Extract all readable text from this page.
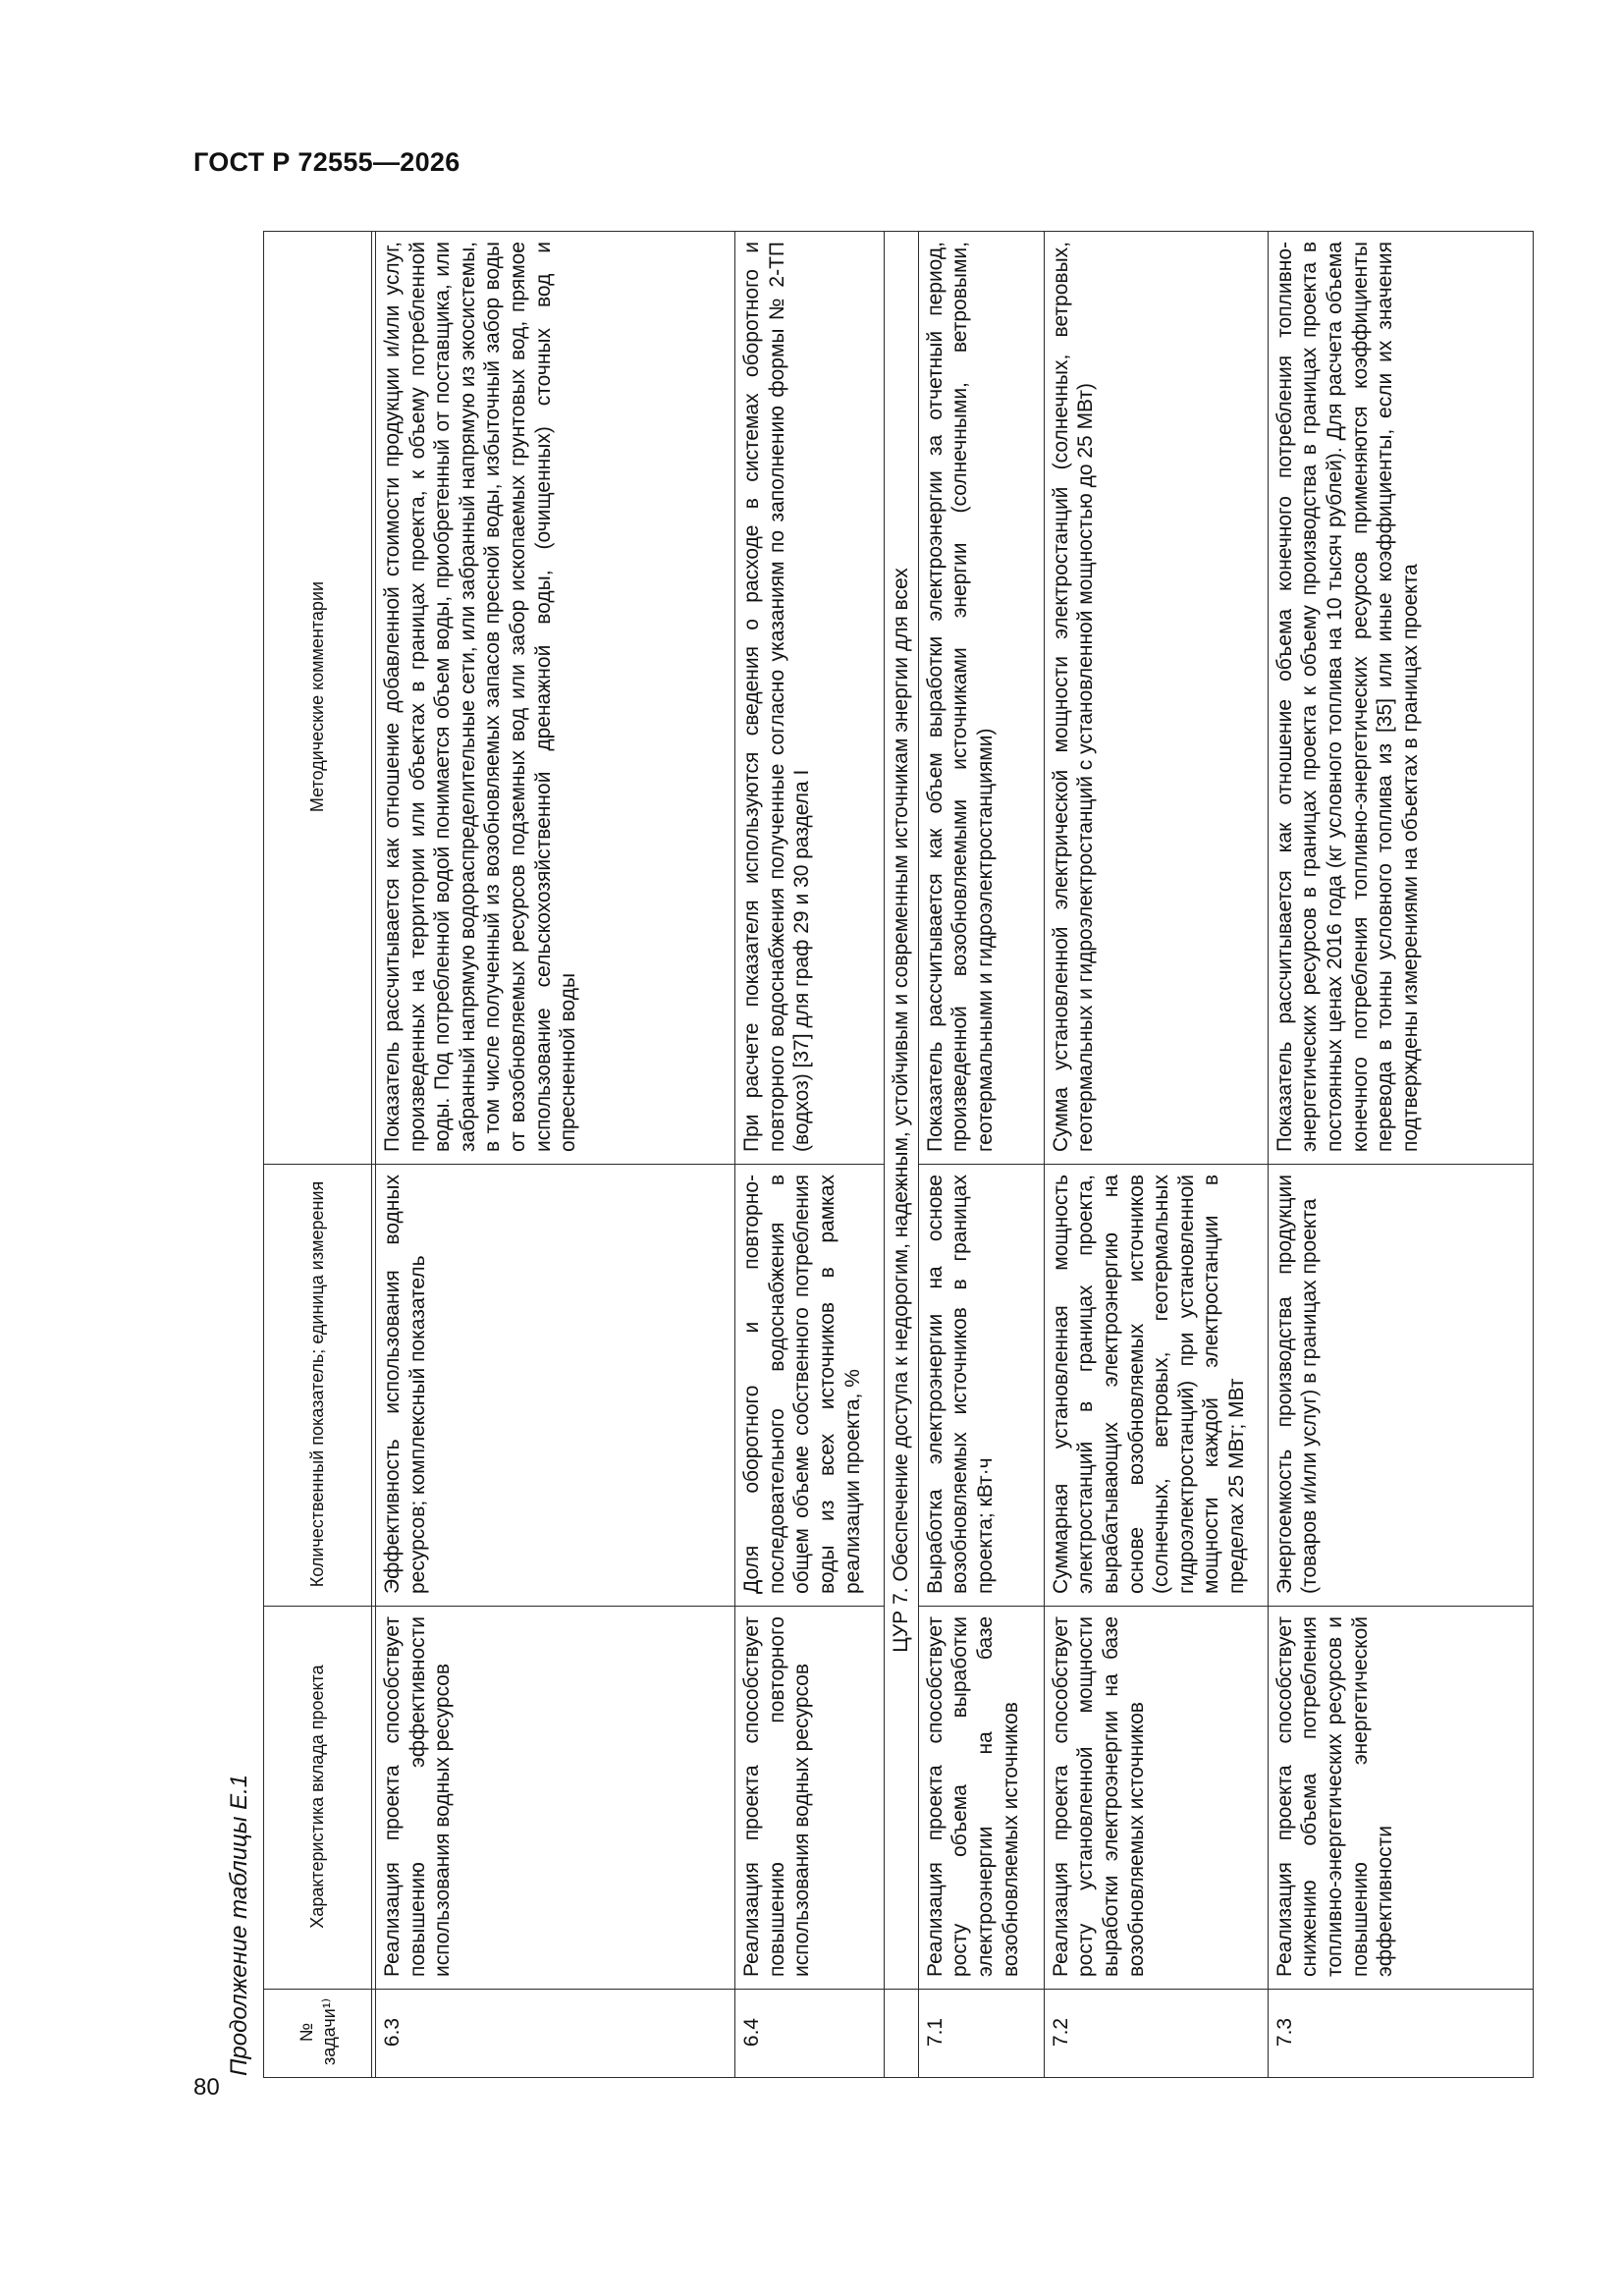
ГОСТ Р 72555—2026
80
Продолжение таблицы Е.1	№ задачи¹⁾	Характеристика вклада проекта	Количественный показатель; единица измерения	Методические комментарии

6.3	Реализация проекта способствует повышению эффективности использования водных ресурсов	Эффективность использования водных ресурсов; комплексный показатель	Показатель рассчитывается как отношение добавленной стоимости продукции и/или услуг, произведенных на территории или объектах в границах проекта, к объему потребленной воды. Под потребленной водой понимается объем воды, приобретенный от поставщика, или забранный напрямую водораспределительные сети, или забранный напрямую из экосистемы, в том числе полученный из возобновляемых запасов пресной воды, избыточный забор воды от возобновляемых ресурсов подземных вод или забор ископаемых грунтовых вод, прямое использование сельскохозяйственной дренажной воды, (очищенных) сточных вод и опресненной воды
6.4	Реализация проекта способствует повышению повторного использования водных ресурсов	Доля оборотного и повторно-последовательного водоснабжения в общем объеме собственного потребления воды из всех источников в рамках реализации проекта, %	При расчете показателя используются сведения о расходе в системах оборотного и повторного водоснабжения полученные согласно указаниям по заполнению формы № 2-ТП (водхоз) [37] для граф 29 и 30 раздела I
	ЦУР 7. Обеспечение доступа к недорогим, надежным, устойчивым и современным источникам энергии для всех		
7.1	Реализация проекта способствует росту объема выработки электроэнергии на базе возобновляемых источников	Выработка электроэнергии на основе возобновляемых источников в границах проекта; кВт·ч	Показатель рассчитывается как объем выработки электроэнергии за отчетный период, произведенной возобновляемыми источниками энергии (солнечными, ветровыми, геотермальными и гидроэлектростанциями)
7.2	Реализация проекта способствует росту установленной мощности выработки электроэнергии на базе возобновляемых источников	Суммарная установленная мощность электростанций в границах проекта, вырабатывающих электроэнергию на основе возобновляемых источников (солнечных, ветровых, геотермальных гидроэлектростанций) при установленной мощности каждой электростанции в пределах 25 МВт; МВт	Сумма установленной электрической мощности электростанций (солнечных, ветровых, геотермальных и гидроэлектростанций с установленной мощностью до 25 МВт)
7.3	Реализация проекта способствует снижению объема потребления топливно-энергетических ресурсов и повышению энергетической эффективности	Энергоемкость производства продукции (товаров и/или услуг) в границах проекта	Показатель рассчитывается как отношение объема конечного потребления топливно-энергетических ресурсов в границах проекта к объему производства в границах проекта в постоянных ценах 2016 года (кг условного топлива на 10 тысяч рублей). Для расчета объема конечного потребления топливно-энергетических ресурсов применяются коэффициенты перевода в тонны условного топлива из [35] или иные коэффициенты, если их значения подтверждены измерениями на объектах в границах проекта
